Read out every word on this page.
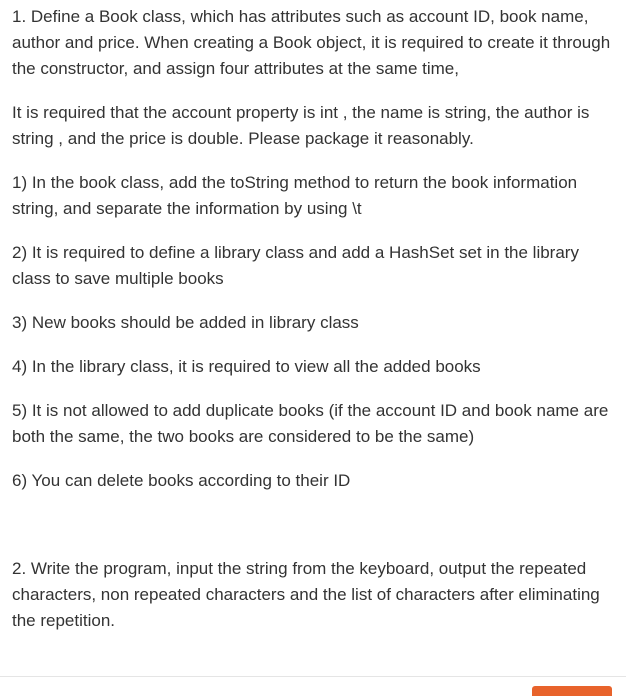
1. Define a Book class, which has attributes such as account ID, book name, author and price. When creating a Book object, it is required to create it through the constructor, and assign four attributes at the same time,

It is required that the account property is int , the name is string, the author is string , and the price is double. Please package it reasonably.

1) In the book class, add the toString method to return the book information string, and separate the information by using \t

2) It is required to define a library class and add a HashSet set in the library class to save multiple books

3) New books should be added in library class

4) In the library class, it is required to view all the added books

5) It is not allowed to add duplicate books (if the account ID and book name are both the same, the two books are considered to be the same)

6) You can delete books according to their ID

2. Write the program, input the string from the keyboard, output the repeated characters, non repeated characters and the list of characters after eliminating the repetition.
